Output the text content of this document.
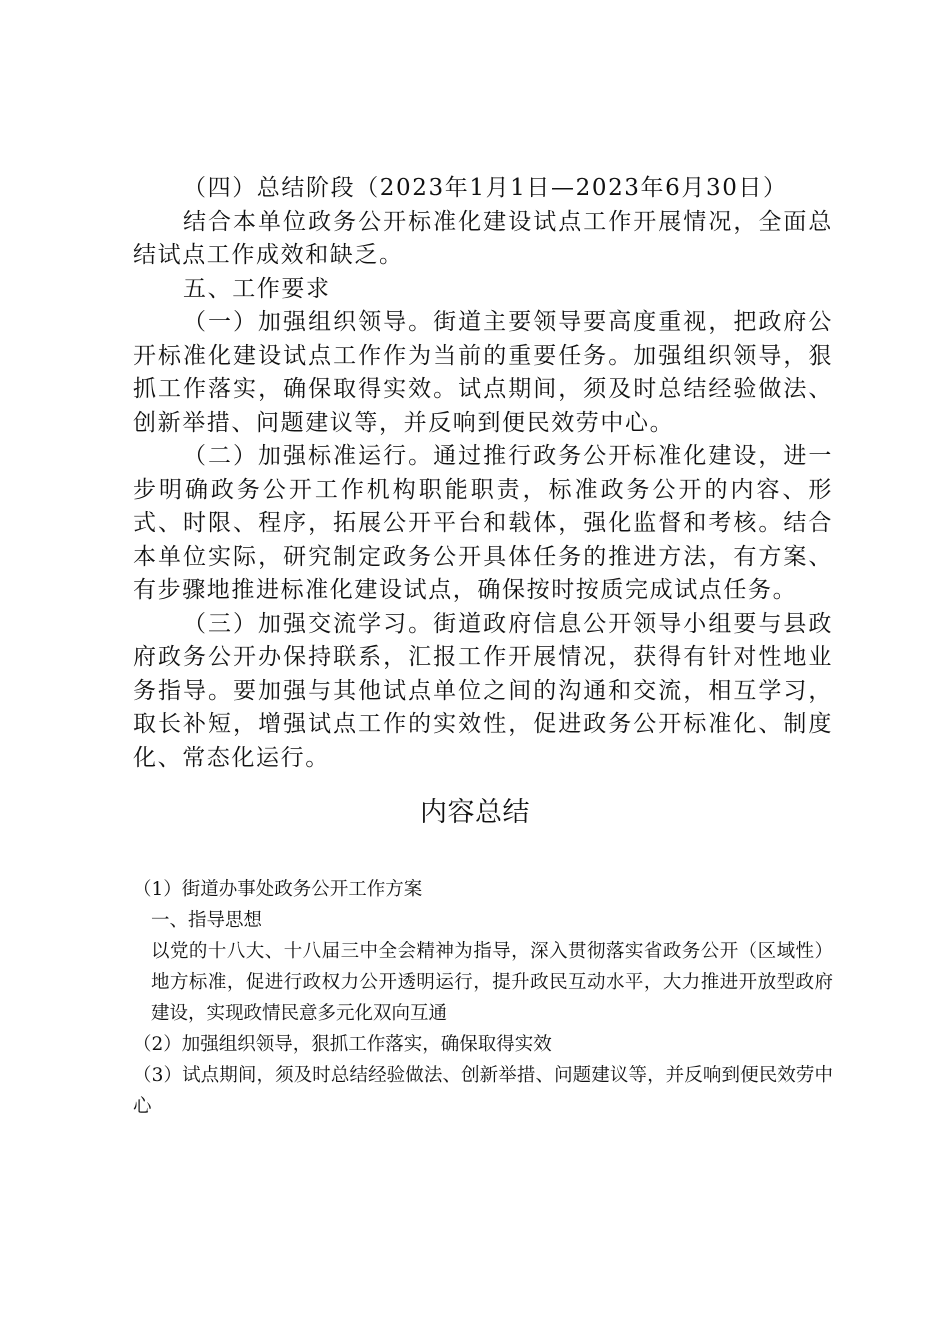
（四）总结阶段（2023年1月1日—2023年6月30日）

结合本单位政务公开标准化建设试点工作开展情况，全面总结试点工作成效和缺乏。

五、工作要求

（一）加强组织领导。街道主要领导要高度重视，把政府公开标准化建设试点工作作为当前的重要任务。加强组织领导，狠抓工作落实，确保取得实效。试点期间，须及时总结经验做法、创新举措、问题建议等，并反响到便民效劳中心。

（二）加强标准运行。通过推行政务公开标准化建设，进一步明确政务公开工作机构职能职责，标准政务公开的内容、形式、时限、程序，拓展公开平台和载体，强化监督和考核。结合本单位实际，研究制定政务公开具体任务的推进方法，有方案、有步骤地推进标准化建设试点，确保按时按质完成试点任务。

（三）加强交流学习。街道政府信息公开领导小组要与县政府政务公开办保持联系，汇报工作开展情况，获得有针对性地业务指导。要加强与其他试点单位之间的沟通和交流，相互学习，取长补短，增强试点工作的实效性，促进政务公开标准化、制度化、常态化运行。

内容总结

（1）街道办事处政务公开工作方案

一、指导思想

以党的十八大、十八届三中全会精神为指导，深入贯彻落实省政务公开（区域性）地方标准，促进行政权力公开透明运行，提升政民互动水平，大力推进开放型政府建设，实现政情民意多元化双向互通

（2）加强组织领导，狠抓工作落实，确保取得实效

（3）试点期间，须及时总结经验做法、创新举措、问题建议等，并反响到便民效劳中心
